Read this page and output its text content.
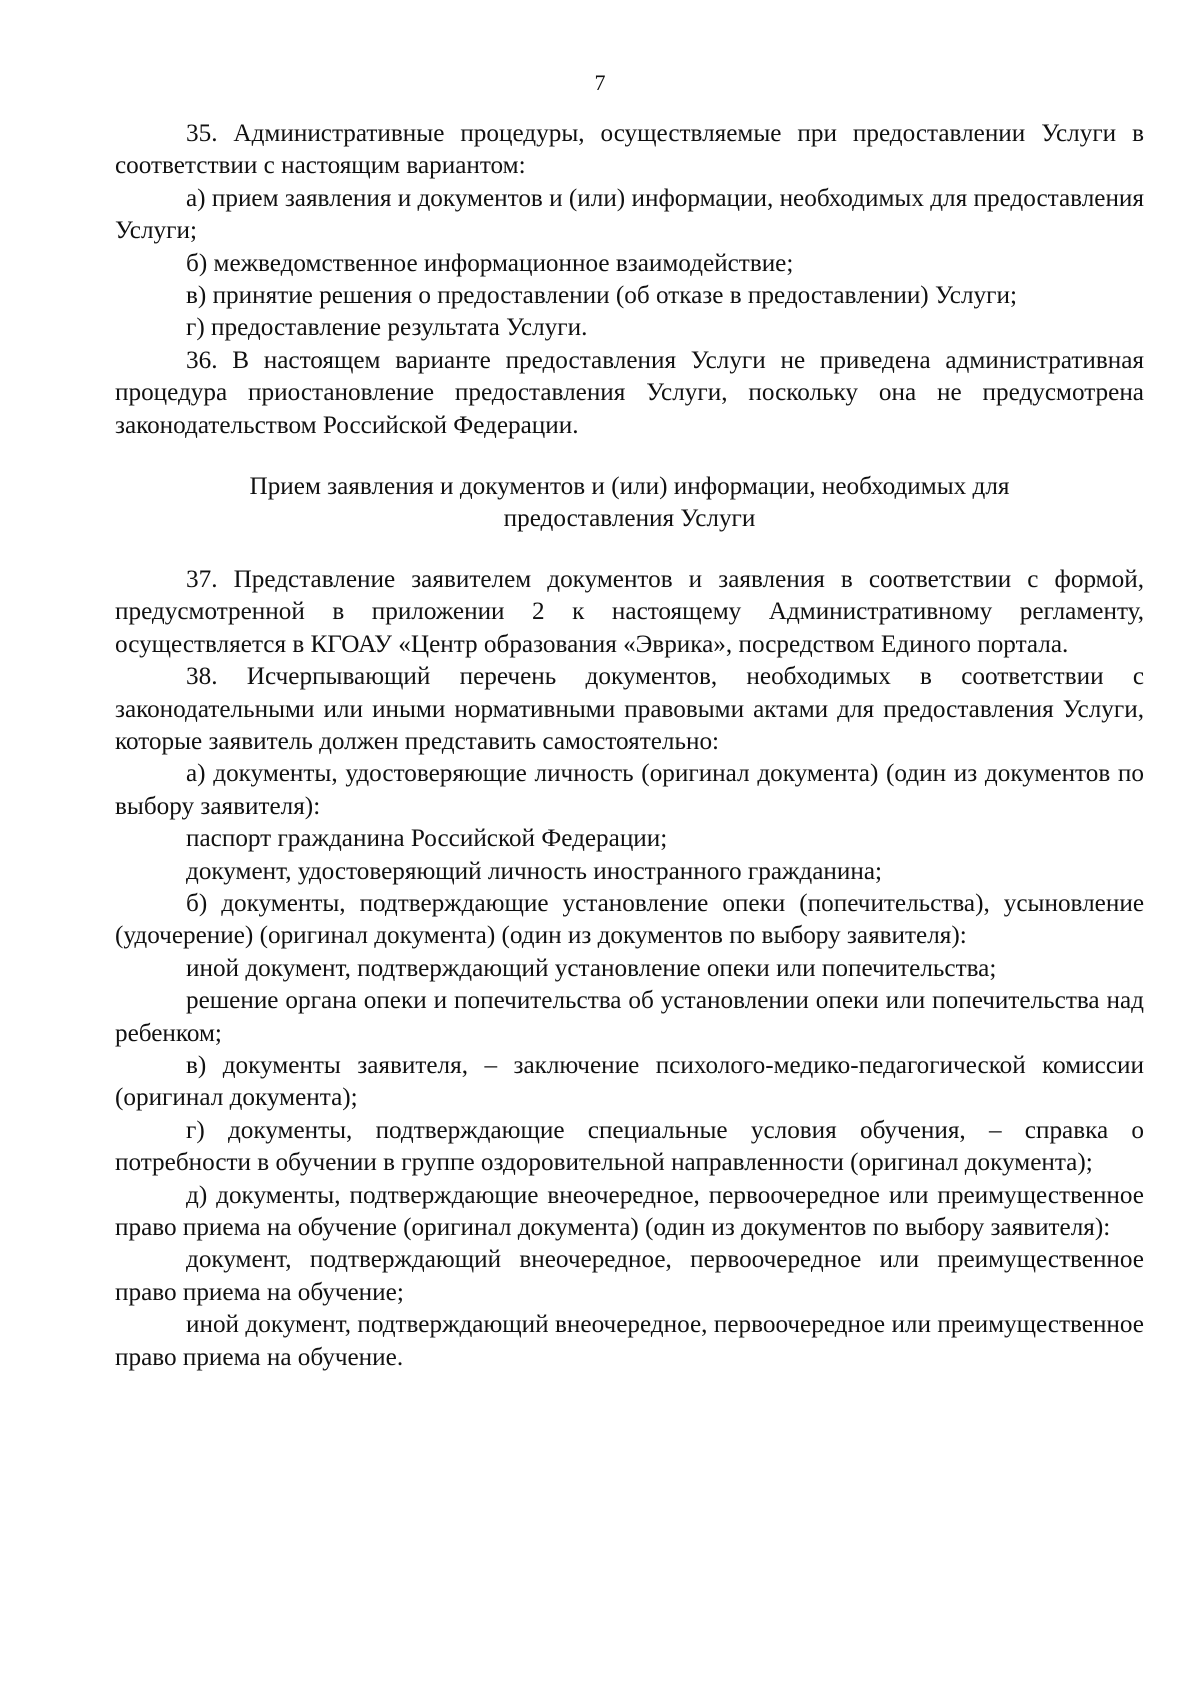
7

35. Административные процедуры, осуществляемые при предоставлении Услуги в соответствии с настоящим вариантом:

а) прием заявления и документов и (или) информации, необходимых для предоставления Услуги;

б) межведомственное информационное взаимодействие;

в) принятие решения о предоставлении (об отказе в предоставлении) Услуги;

г) предоставление результата Услуги.

36. В настоящем варианте предоставления Услуги не приведена административная процедура приостановление предоставления Услуги, поскольку она не предусмотрена законодательством Российской Федерации.

Прием заявления и документов и (или) информации, необходимых для предоставления Услуги

37. Представление заявителем документов и заявления в соответствии с формой, предусмотренной в приложении 2 к настоящему Административному регламенту, осуществляется в КГОАУ «Центр образования «Эврика», посредством Единого портала.

38. Исчерпывающий перечень документов, необходимых в соответствии с законодательными или иными нормативными правовыми актами для предоставления Услуги, которые заявитель должен представить самостоятельно:

а) документы, удостоверяющие личность (оригинал документа) (один из документов по выбору заявителя):

паспорт гражданина Российской Федерации;

документ, удостоверяющий личность иностранного гражданина;

б) документы, подтверждающие установление опеки (попечительства), усыновление (удочерение) (оригинал документа) (один из документов по выбору заявителя):

иной документ, подтверждающий установление опеки или попечительства;

решение органа опеки и попечительства об установлении опеки или попечительства над ребенком;

в) документы заявителя, – заключение психолого-медико-педагогической комиссии (оригинал документа);

г) документы, подтверждающие специальные условия обучения, – справка о потребности в обучении в группе оздоровительной направленности (оригинал документа);

д) документы, подтверждающие внеочередное, первоочередное или преимущественное право приема на обучение (оригинал документа) (один из документов по выбору заявителя):

документ, подтверждающий внеочередное, первоочередное или преимущественное право приема на обучение;

иной документ, подтверждающий внеочередное, первоочередное или преимущественное право приема на обучение.
